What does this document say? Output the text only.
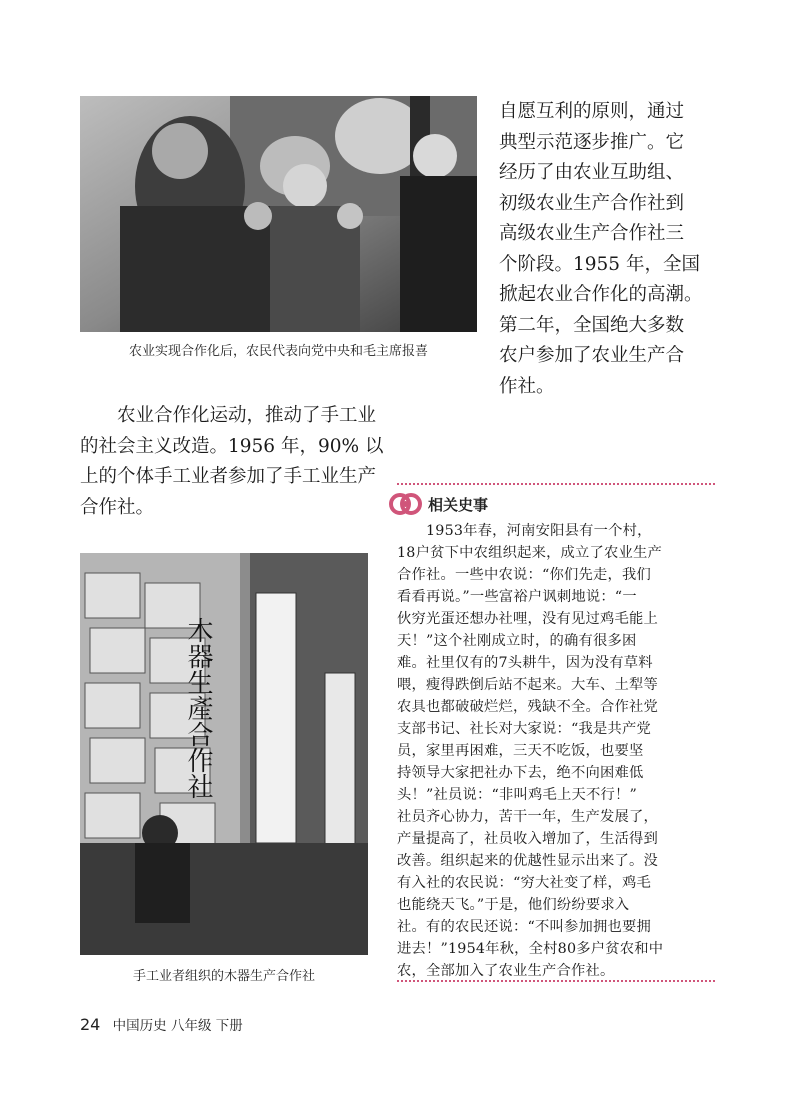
农业实现合作化后，农民代表向党中央和毛主席报喜
自愿互利的原则，通过
典型示范逐步推广。它
经历了由农业互助组、
初级农业生产合作社到
高级农业生产合作社三
个阶段。1955 年，全国
掀起农业合作化的高潮。
第二年，全国绝大多数
农户参加了农业生产合
作社。
　　农业合作化运动，推动了手工业
的社会主义改造。1956 年，90% 以
上的个体手工业者参加了手工业生产
合作社。
木器生產合作社
手工业者组织的木器生产合作社
相关史事
　　1953年春，河南安阳县有一个村，
18户贫下中农组织起来，成立了农业生产
合作社。一些中农说：“你们先走，我们
看看再说。”一些富裕户讽刺地说：“一
伙穷光蛋还想办社哩，没有见过鸡毛能上
天！”这个社刚成立时，的确有很多困
难。社里仅有的7头耕牛，因为没有草料
喂，瘦得跌倒后站不起来。大车、土犁等
农具也都破破烂烂，残缺不全。合作社党
支部书记、社长对大家说：“我是共产党
员，家里再困难，三天不吃饭，也要坚
持领导大家把社办下去，绝不向困难低
头！”社员说：“非叫鸡毛上天不行！”
社员齐心协力，苦干一年，生产发展了，
产量提高了，社员收入增加了，生活得到
改善。组织起来的优越性显示出来了。没
有入社的农民说：“穷大社变了样，鸡毛
也能绕天飞。”于是，他们纷纷要求入
社。有的农民还说：“不叫参加拥也要拥
进去！”1954年秋，全村80多户贫农和中
农，全部加入了农业生产合作社。
24 中国历史 八年级 下册
